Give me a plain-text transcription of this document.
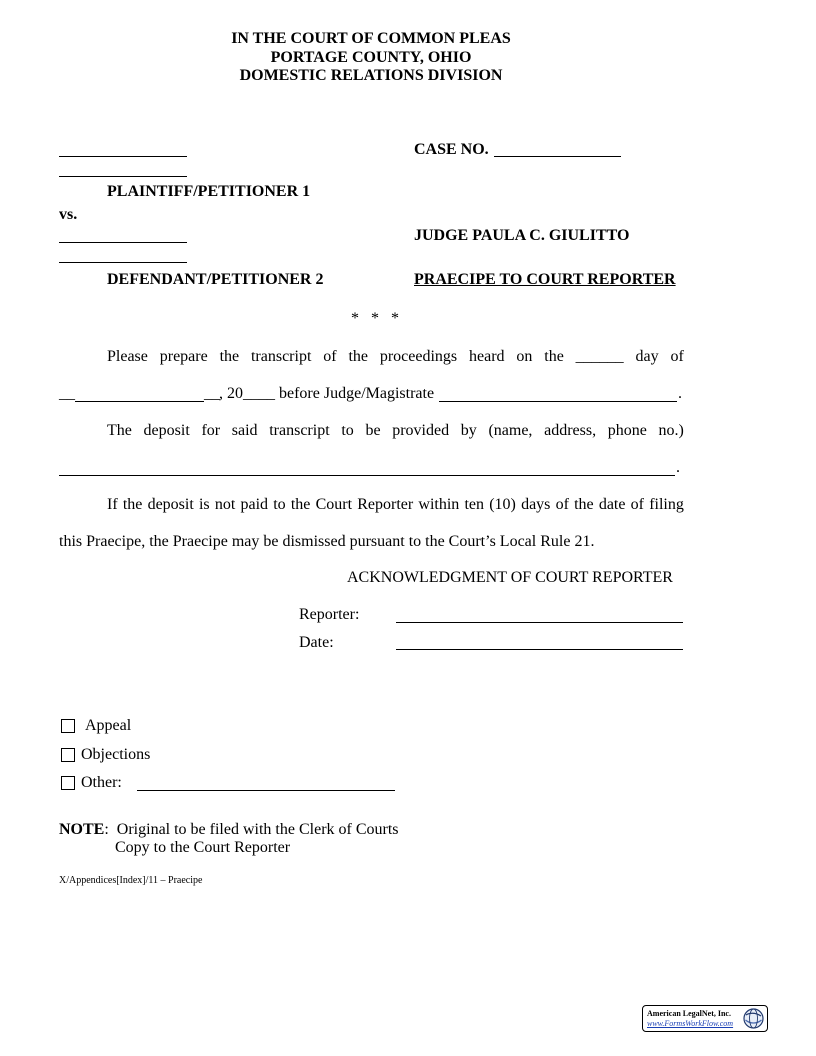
IN THE COURT OF COMMON PLEAS
PORTAGE COUNTY, OHIO
DOMESTIC RELATIONS DIVISION
PLAINTIFF/PETITIONER 1
vs.
DEFENDANT/PETITIONER 2
CASE NO.
JUDGE PAULA C. GIULITTO
PRAECIPE TO COURT REPORTER
*   *   *
Please prepare the transcript of the proceedings heard on the ______ day of
__	__ , 20____ before Judge/Magistrate	.
The deposit for said transcript to be provided by (name, address, phone no.)
.
If the deposit is not paid to the Court Reporter within ten (10) days of the date of filing
this Praecipe, the Praecipe may be dismissed pursuant to the Court’s Local Rule 21.
ACKNOWLEDGMENT OF COURT REPORTER
Reporter:
Date:
Appeal
Objections
Other:
NOTE:  Original to be filed with the Clerk of Courts
Copy to the Court Reporter
X/Appendices[Index]/11 – Praecipe
American LegalNet, Inc.
www.FormsWorkFlow.com
